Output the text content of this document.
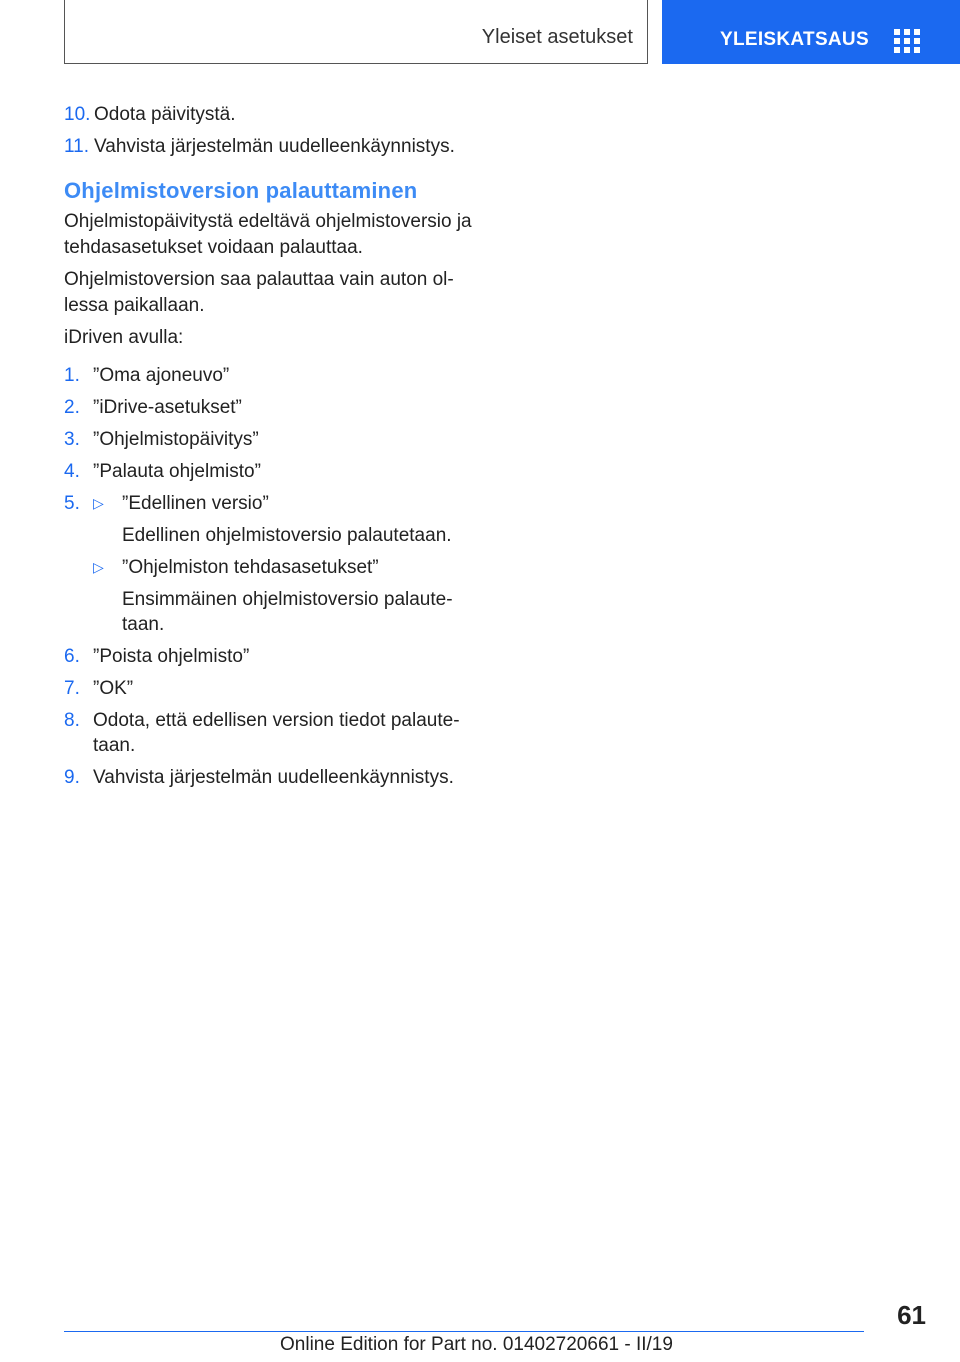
Yleiset asetukset	YLEISKATSAUS
10. Odota päivitystä.
11. Vahvista järjestelmän uudelleenkäynnistys.
Ohjelmistoversion palauttaminen

Ohjelmistopäivitystä edeltävä ohjelmistoversio ja tehdasasetukset voidaan palauttaa.

Ohjelmistoversion saa palauttaa vain auton ollessa paikallaan.

iDriven avulla:

1. ”Oma ajoneuvo”
2. ”iDrive-asetukset”
3. ”Ohjelmistopäivitys”
4. ”Palauta ohjelmisto”
5. ▷ ”Edellinen versio”
Edellinen ohjelmistoversio palautetaan.
▷ ”Ohjelmiston tehdasasetukset”
Ensimmäinen ohjelmistoversio palautetaan.
6. ”Poista ohjelmisto”
7. ”OK”
8. Odota, että edellisen version tiedot palautetaan.
9. Vahvista järjestelmän uudelleenkäynnistys.
61
Online Edition for Part no. 01402720661 - II/19
